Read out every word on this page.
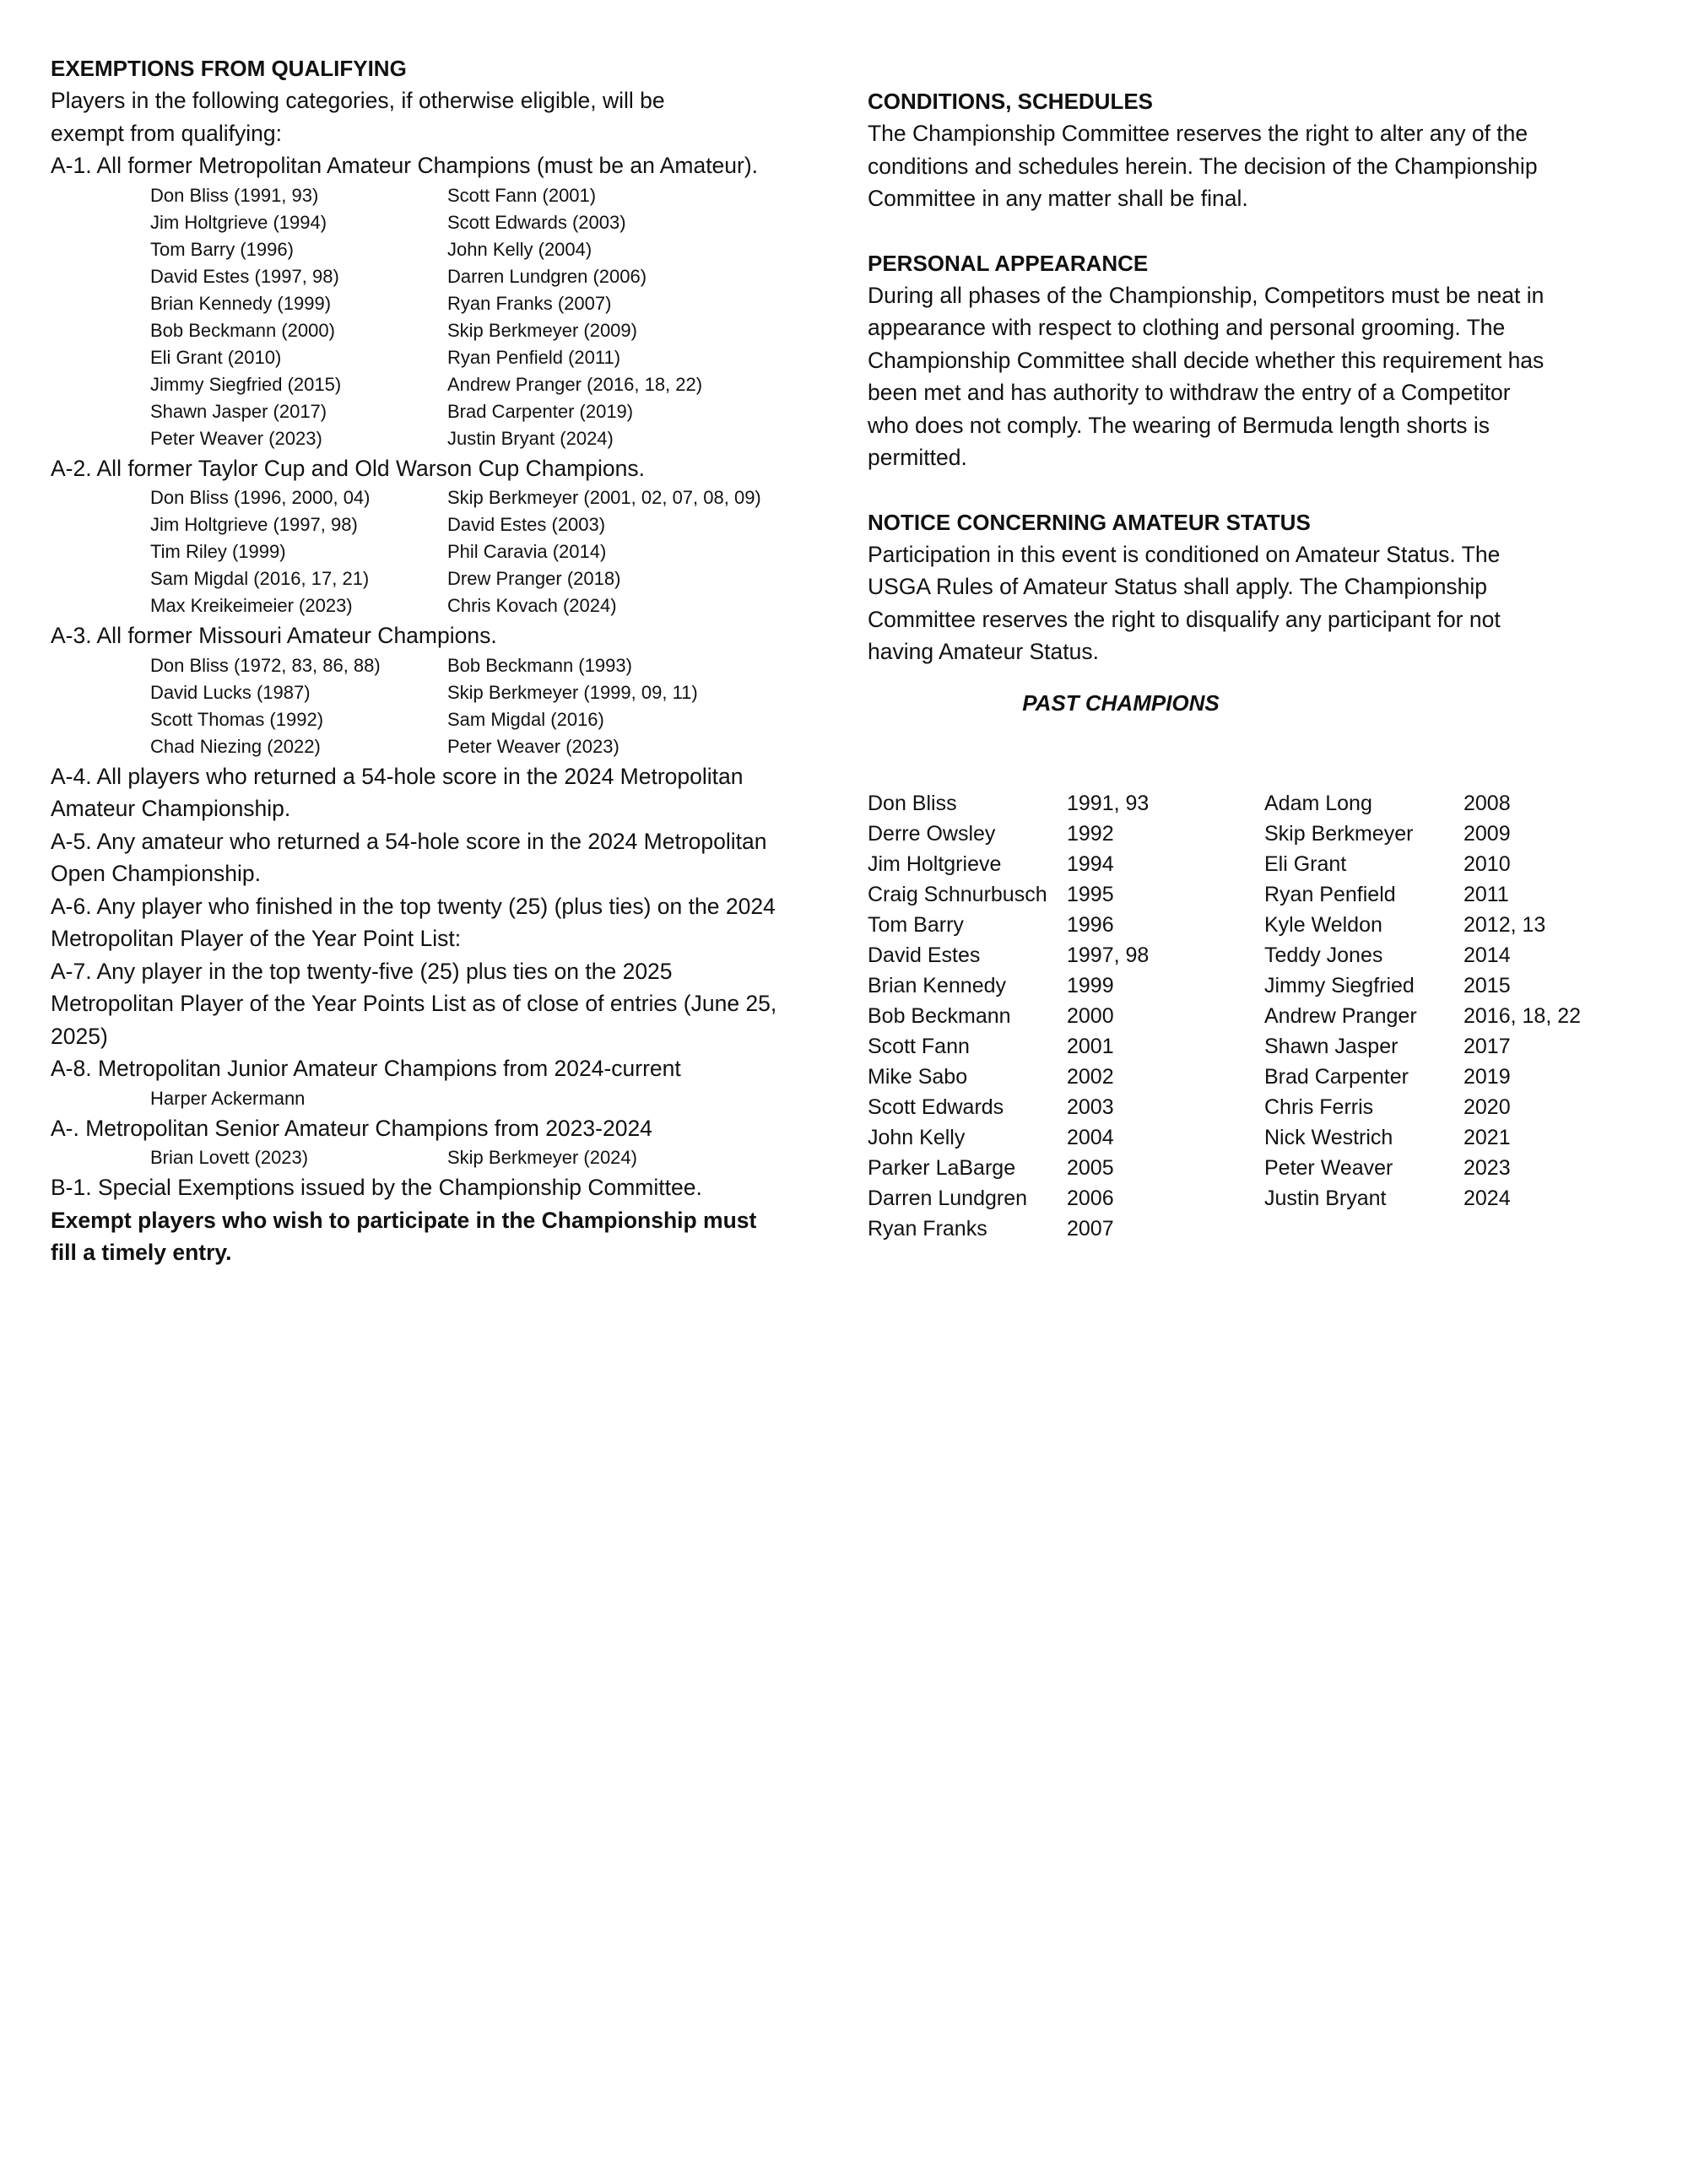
EXEMPTIONS FROM QUALIFYING
Players in the following categories, if otherwise eligible, will be
exempt from qualifying:
A-1. All former Metropolitan Amateur Champions (must be an Amateur).
Don Bliss (1991, 93)	Scott Fann (2001)
Jim Holtgrieve (1994)	Scott Edwards (2003)
Tom Barry (1996)	John Kelly (2004)
David Estes (1997, 98)	Darren Lundgren (2006)
Brian Kennedy (1999)	Ryan Franks (2007)
Bob Beckmann (2000)	Skip Berkmeyer (2009)
Eli Grant (2010)	Ryan Penfield (2011)
Jimmy Siegfried (2015)	Andrew Pranger (2016, 18, 22)
Shawn Jasper (2017)	Brad Carpenter (2019)
Peter Weaver (2023)	Justin Bryant (2024)
A-2. All former Taylor Cup and Old Warson Cup Champions.
Don Bliss (1996, 2000, 04)	Skip Berkmeyer (2001, 02, 07, 08, 09)
Jim Holtgrieve (1997, 98)	David Estes (2003)
Tim Riley (1999)	Phil Caravia (2014)
Sam Migdal (2016, 17, 21)	Drew Pranger (2018)
Max Kreikeimeier (2023)	Chris Kovach (2024)
A-3. All former Missouri Amateur Champions.
Don Bliss (1972, 83, 86, 88)	Bob Beckmann (1993)
David Lucks (1987)	Skip Berkmeyer (1999, 09, 11)
Scott Thomas (1992)	Sam Migdal (2016)
Chad Niezing (2022)	Peter Weaver (2023)
A-4. All players who returned a 54-hole score in the 2024 Metropolitan
Amateur Championship.
A-5. Any amateur who returned a 54-hole score in the 2024 Metropolitan
Open Championship.
A-6. Any player who finished in the top twenty (25) (plus ties) on the 2024
Metropolitan Player of the Year Point List:
A-7. Any player in the top twenty-five (25) plus ties on the 2025
Metropolitan Player of the Year Points List as of close of entries (June 25,
2025)
A-8. Metropolitan Junior Amateur Champions from 2024-current
Harper Ackermann
A-. Metropolitan Senior Amateur Champions from 2023-2024
Brian Lovett (2023)	Skip Berkmeyer (2024)
B-1. Special Exemptions issued by the Championship Committee.
Exempt players who wish to participate in the Championship must
fill a timely entry.
CONDITIONS, SCHEDULES
The Championship Committee reserves the right to alter any of the
conditions and schedules herein. The decision of the Championship
Committee in any matter shall be final.
PERSONAL APPEARANCE
During all phases of the Championship, Competitors must be neat in
appearance with respect to clothing and personal grooming. The
Championship Committee shall decide whether this requirement has
been met and has authority to withdraw the entry of a Competitor
who does not comply. The wearing of Bermuda length shorts is
permitted.
NOTICE CONCERNING AMATEUR STATUS
Participation in this event is conditioned on Amateur Status. The
USGA Rules of Amateur Status shall apply. The Championship
Committee reserves the right to disqualify any participant for not
having Amateur Status.
PAST CHAMPIONS
Don Bliss	1991, 93	Adam Long	2008
Derre Owsley	1992	Skip Berkmeyer	2009
Jim Holtgrieve	1994	Eli Grant	2010
Craig Schnurbusch 1995	Ryan Penfield	2011
Tom Barry	1996	Kyle Weldon	2012, 13
David Estes	1997, 98	Teddy Jones	2014
Brian Kennedy	1999	Jimmy Siegfried	2015
Bob Beckmann	2000	Andrew Pranger	2016, 18, 22
Scott Fann	2001	Shawn Jasper	2017
Mike Sabo	2002	Brad Carpenter	2019
Scott Edwards	2003	Chris Ferris	2020
John Kelly	2004	Nick Westrich	2021
Parker LaBarge	2005	Peter Weaver	2023
Darren Lundgren	2006	Justin Bryant	2024
Ryan Franks	2007
